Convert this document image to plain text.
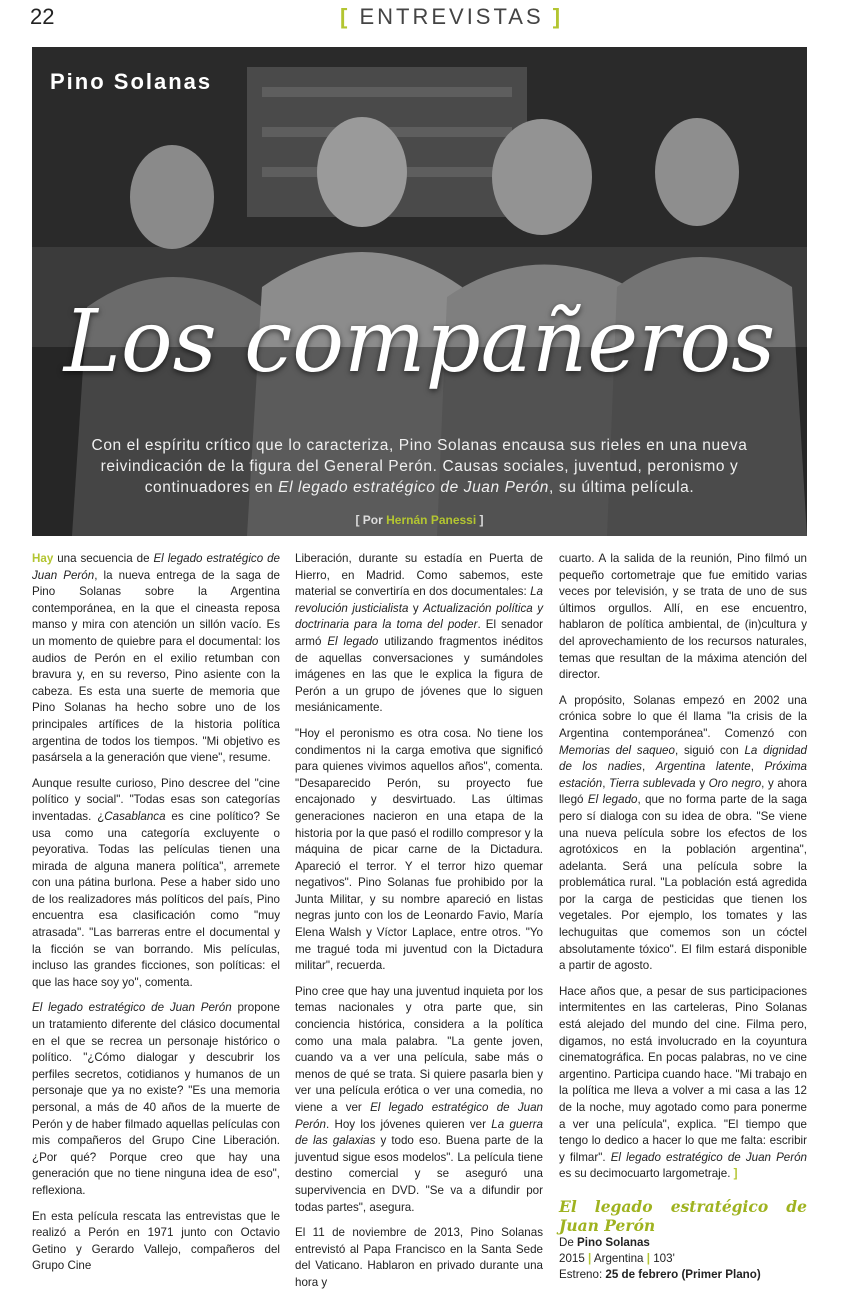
22	[ ENTREVISTAS ]
Pino Solanas
Los compañeros
Con el espíritu crítico que lo caracteriza, Pino Solanas encausa sus rieles en una nueva reivindicación de la figura del General Perón. Causas sociales, juventud, peronismo y continuadores en El legado estratégico de Juan Perón, su última película.
[ Por Hernán Panessi ]

Hay una secuencia de El legado estratégico de Juan Perón, la nueva entrega de la saga de Pino Solanas sobre la Argentina contemporánea, en la que el cineasta reposa manso y mira con atención un sillón vacío. Es un momento de quiebre para el documental: los audios de Perón en el exilio retumban con bravura y, en su reverso, Pino asiente con la cabeza. Es esta una suerte de memoria que Pino Solanas ha hecho sobre uno de los principales artífices de la historia política argentina de todos los tiempos. "Mi objetivo es pasársela a la generación que viene", resume.

Aunque resulte curioso, Pino descree del "cine político y social". "Todas esas son categorías inventadas. ¿Casablanca es cine político? Se usa como una categoría excluyente o peyorativa. Todas las películas tienen una mirada de alguna manera política", arremete con una pátina burlona. Pese a haber sido uno de los realizadores más políticos del país, Pino encuentra esa clasificación como "muy atrasada". "Las barreras entre el documental y la ficción se van borrando. Mis películas, incluso las grandes ficciones, son políticas: el que las hace soy yo", comenta.

El legado estratégico de Juan Perón propone un tratamiento diferente del clásico documental en el que se recrea un personaje histórico o político. "¿Cómo dialogar y descubrir los perfiles secretos, cotidianos y humanos de un personaje que ya no existe? "Es una memoria personal, a más de 40 años de la muerte de Perón y de haber filmado aquellas películas con mis compañeros del Grupo Cine Liberación. ¿Por qué? Porque creo que hay una generación que no tiene ninguna idea de eso", reflexiona.

En esta película rescata las entrevistas que le realizó a Perón en 1971 junto con Octavio Getino y Gerardo Vallejo, compañeros del Grupo Cine

Liberación, durante su estadía en Puerta de Hierro, en Madrid. Como sabemos, este material se convertiría en dos documentales: La revolución justicialista y Actualización política y doctrinaria para la toma del poder. El senador armó El legado utilizando fragmentos inéditos de aquellas conversaciones y sumándoles imágenes en las que le explica la figura de Perón a un grupo de jóvenes que lo siguen mesiánicamente.

"Hoy el peronismo es otra cosa. No tiene los condimentos ni la carga emotiva que significó para quienes vivimos aquellos años", comenta. "Desaparecido Perón, su proyecto fue encajonado y desvirtuado. Las últimas generaciones nacieron en una etapa de la historia por la que pasó el rodillo compresor y la máquina de picar carne de la Dictadura. Apareció el terror. Y el terror hizo quemar negativos". Pino Solanas fue prohibido por la Junta Militar, y su nombre apareció en listas negras junto con los de Leonardo Favio, María Elena Walsh y Víctor Laplace, entre otros. "Yo me tragué toda mi juventud con la Dictadura militar", recuerda.

Pino cree que hay una juventud inquieta por los temas nacionales y otra parte que, sin conciencia histórica, considera a la política como una mala palabra. "La gente joven, cuando va a ver una película, sabe más o menos de qué se trata. Si quiere pasarla bien y ver una película erótica o ver una comedia, no viene a ver El legado estratégico de Juan Perón. Hoy los jóvenes quieren ver La guerra de las galaxias y todo eso. Buena parte de la juventud sigue esos modelos". La película tiene destino comercial y se aseguró una supervivencia en DVD. "Se va a difundir por todas partes", asegura.

El 11 de noviembre de 2013, Pino Solanas entrevistó al Papa Francisco en la Santa Sede del Vaticano. Hablaron en privado durante una hora y

cuarto. A la salida de la reunión, Pino filmó un pequeño cortometraje que fue emitido varias veces por televisión, y se trata de uno de sus últimos orgullos. Allí, en ese encuentro, hablaron de política ambiental, de (in)cultura y del aprovechamiento de los recursos naturales, temas que resultan de la máxima atención del director.

A propósito, Solanas empezó en 2002 una crónica sobre lo que él llama "la crisis de la Argentina contemporánea". Comenzó con Memorias del saqueo, siguió con La dignidad de los nadies, Argentina latente, Próxima estación, Tierra sublevada y Oro negro, y ahora llegó El legado, que no forma parte de la saga pero sí dialoga con su idea de obra. "Se viene una nueva película sobre los efectos de los agrotóxicos en la población argentina", adelanta. Será una película sobre la problemática rural. "La población está agredida por la carga de pesticidas que tienen los vegetales. Por ejemplo, los tomates y las lechuguitas que comemos son un cóctel absolutamente tóxico". El film estará disponible a partir de agosto.

Hace años que, a pesar de sus participaciones intermitentes en las carteleras, Pino Solanas está alejado del mundo del cine. Filma pero, digamos, no está involucrado en la coyuntura cinematográfica. En pocas palabras, no ve cine argentino. Participa cuando hace. "Mi trabajo en la política me lleva a volver a mi casa a las 12 de la noche, muy agotado como para ponerme a ver una película", explica. "El tiempo que tengo lo dedico a hacer lo que me falta: escribir y filmar". El legado estratégico de Juan Perón es su decimocuarto largometraje. ]

El legado estratégico de Juan Perón
De Pino Solanas
2015 | Argentina | 103'
Estreno: 25 de febrero (Primer Plano)
